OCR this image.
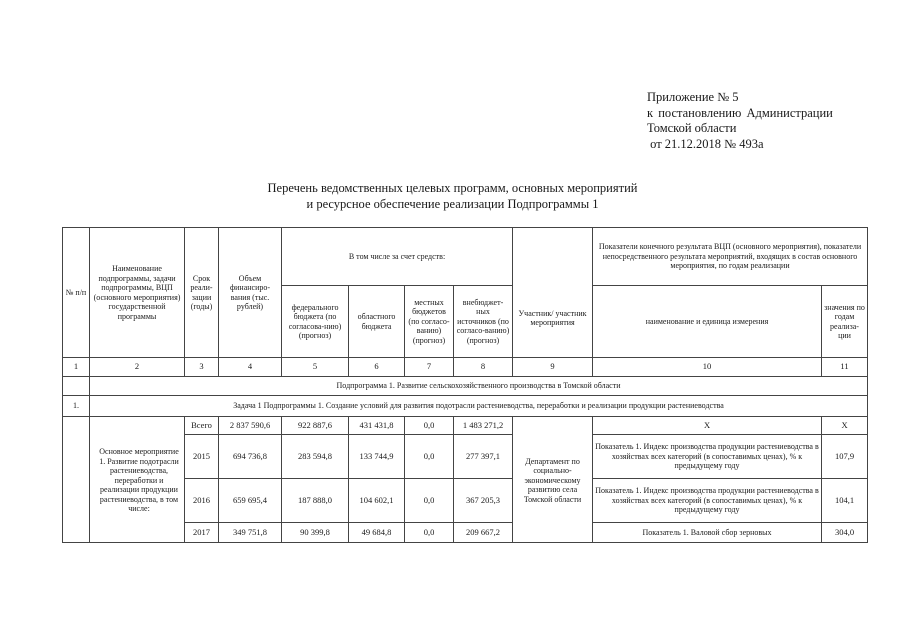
Приложение № 5
к постановлению Администрации
Томской области
от 21.12.2018 № 493а
Перечень ведомственных целевых программ, основных мероприятий
и ресурсное обеспечение реализации Подпрограммы 1
№ п/п	Наименование подпрограммы, задачи подпрограммы, ВЦП (основного мероприятия) государственной программы	Срок реали-зации (годы)	Объем финансиро-вания (тыс. рублей)	В том числе за счет средств:				Участник/ участник мероприятия	Показатели конечного результата ВЦП (основного мероприятия), показатели непосредственного результата мероприятий, входящих в состав основного мероприятия, по годам реализации	
				федерального бюджета (по согласова-нию) (прогноз)	областного бюджета	местных бюджетов (по согласо-ванию) (прогноз)	внебюджет-ных источников (по согласо-ванию) (прогноз)		наименование и единица измерения	значения по годам реализа-ции
1	2	3	4	5	6	7	8	9	10	11
	Подпрограмма 1. Развитие сельскохозяйственного производства в Томской области									
1.	Задача 1 Подпрограммы 1. Создание условий для развития подотрасли растениеводства, переработки и реализации продукции растениеводства									
	Основное мероприятие 1. Развитие подотрасли растениеводства, переработки и реализации продукции растениеводства, в том числе:	Всего	2 837 590,6	922 887,6	431 431,8	0,0	1 483 271,2	Департамент по социально-экономическому развитию села Томской области	Х	Х
		2015	694 736,8	283 594,8	133 744,9	0,0	277 397,1		Показатель 1. Индекс производства продукции растениеводства в хозяйствах всех категорий (в сопоставимых ценах), % к предыдущему году	107,9
		2016	659 695,4	187 888,0	104 602,1	0,0	367 205,3		Показатель 1. Индекс производства продукции растениеводства в хозяйствах всех категорий (в сопоставимых ценах), % к предыдущему году	104,1
		2017	349 751,8	90 399,8	49 684,8	0,0	209 667,2		Показатель 1. Валовой сбор зерновых	304,0
